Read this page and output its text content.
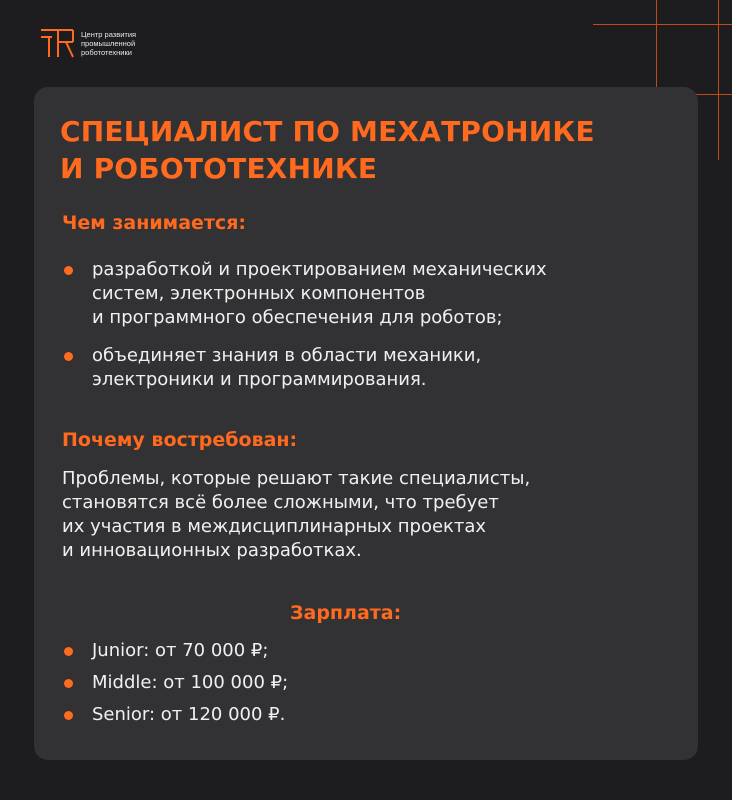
Центр развития
промышленной
робототехники
СПЕЦИАЛИСТ ПО МЕХАТРОНИКЕ
И РОБОТОТЕХНИКЕ
Чем занимается:
разработкой и проектированием механических
систем, электронных компонентов
и программного обеспечения для роботов;
объединяет знания в области механики,
электроники и программирования.
Почему востребован:
Проблемы, которые решают такие специалисты,
становятся всё более сложными, что требует
их участия в междисциплинарных проектах
и инновационных разработках.
Зарплата:
Junior: от 70 000 ₽;
Middle: от 100 000 ₽;
Senior: от 120 000 ₽.
